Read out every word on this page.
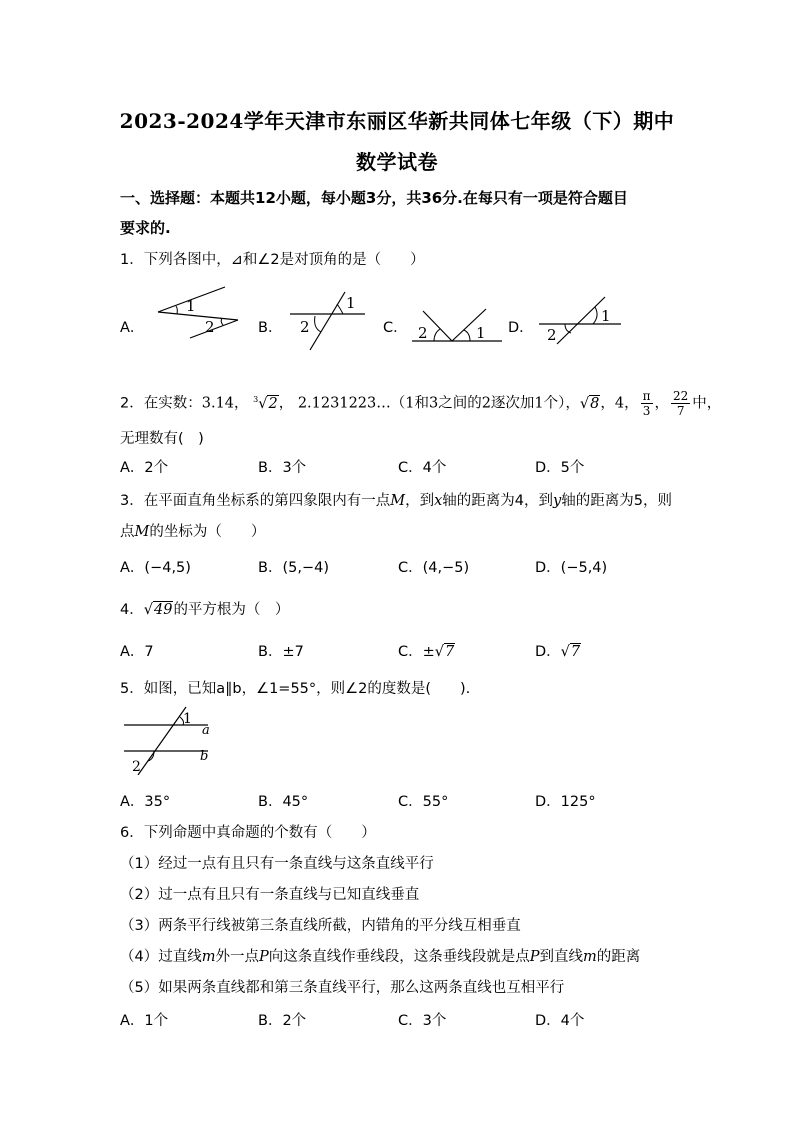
2023-2024学年天津市东丽区华新共同体七年级（下）期中
数学试卷
一、选择题：本题共12小题，每小题3分，共36分.在每只有一项是符合题目
要求的.
1．下列各图中，⊿和∠2是对顶角的是（　　）
A．
1
2	B．
1
2	C． 2	1 D．
1
2
2．在实数：3.14， $^3$√2， 2.1231223…（1和3之间的2逐次加1个），√8，4， $\frac{\pi}{3}$ ， $\frac{22}{7}$ 中，
无理数有(　)
A．2个	B．3个	C．4个	D．5个
3．在平面直角坐标系的第四象限内有一点M，到x轴的距离为4，到y轴的距离为5，则
点M的坐标为（　　）
A．(−4,5)	B．(5,−4)	C．(4,−5)	D．(−5,4)
4．√49的平方根为（　）
A．7	B．±7	C．±√7	D．√7
5．如图，已知a∥b，∠1=55°，则∠2的度数是(　　).
1
a
b
2
A．35°	B．45°	C．55°	D．125°
6．下列命题中真命题的个数有（　　）
（1）经过一点有且只有一条直线与这条直线平行
（2）过一点有且只有一条直线与已知直线垂直
（3）两条平行线被第三条直线所截，内错角的平分线互相垂直
（4）过直线m外一点P向这条直线作垂线段，这条垂线段就是点P到直线m的距离
（5）如果两条直线都和第三条直线平行，那么这两条直线也互相平行
A．1个	B．2个	C．3个	D．4个
